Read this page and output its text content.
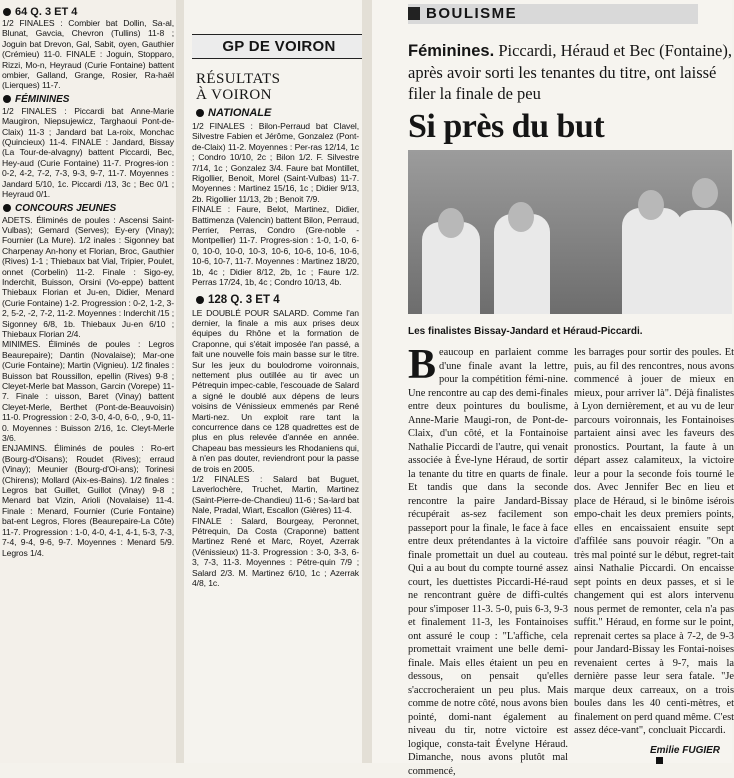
64 Q. 3 ET 4

1/2 FINALES : Combier bat Dollin, Sa-al, Blunat, Gavcia, Chevron (Tullins) 11-8 ; Joguin bat Drevon, Gal, Sabit, oyen, Gauthier (Crémieu) 11-0. FINALE : Joguin, Stopparo, Rizzi, Mo-n, Heyraud (Curie Fontaine) battent ombier, Galland, Grange, Rosier, Ra-haël (Lierques) 11-7.

FÉMININES

1/2 FINALES : Piccardi bat Anne-Marie Maugiron, Niepsujewicz, Targhaoui Pont-de-Claix) 11-3 ; Jandard bat La-roix, Monchac (Quincieux) 11-4. FINALE : Jandard, Bissay (La Tour-de-alvagny) battent Piccardi, Bec, Hey-aud (Curie Fontaine) 11-7. Progres-ion : 0-2, 4-2, 7-2, 7-3, 9-3, 9-7, 11-7. Moyennes : Jandard 5/10, 1c. Piccardi /13, 3c ; Bec 0/1 ; Heyraud 0/1.

CONCOURS JEUNES

ADETS. Éliminés de poules : Ascensi Saint-Vulbas); Gemard (Serves); Ey-ery (Vinay); Fournier (La Mure). 1/2 inales : Sigonney bat Charpenay An-hony et Florian, Broc, Gauthier (Rives) 1-1 ; Thiebaux bat Vial, Tripier, Poulet, onnet (Corbelin) 11-2. Finale : Sigo-ey, Inderchit, Buisson, Orsini (Vo-eppe) battent Thiebaux Florian et Ju-en, Didier, Menard (Curie Fontaine) 1-2. Progression : 0-2, 1-2, 3-2, 5-2, -2, 7-2, 11-2. Moyennes : Inderchit /15 ; Sigonney 6/8, 1b. Thiebaux Ju-en 6/10 ; Thiebaux Florian 2/4.

MINIMES. Éliminés de poules : Legros Beaurepaire); Dantin (Novalaise); Mar-one (Curie Fontaine); Martin (Vignieu). 1/2 finales : Buisson bat Roussillon, epellin (Rives) 9-8 ; Cleyet-Merle bat Masson, Garcin (Vorepe) 11-7. Finale : uisson, Baret (Vinay) battent Cleyet-Merle, Berthet (Pont-de-Beauvoisin) 11-0. Progression : 2-0, 3-0, 4-0, 6-0, , 9-0, 11-0. Moyennes : Buisson 2/16, 1c. Cleyt-Merle 3/6.

ENJAMINS. Éliminés de poules : Ro-ert (Bourg-d'Oisans); Roudet (Rives); erraud (Vinay); Meunier (Bourg-d'Oi-ans); Torinesi (Chirens); Mollard (Aix-es-Bains). 1/2 finales : Legros bat Guillet, Guillot (Vinay) 9-8 ; Menard bat Vizin, Arioli (Novalaise) 11-4. Finale : Menard, Fournier (Curie Fontaine) bat-ent Legros, Flores (Beaurepaire-La Côte) 11-7. Progression : 1-0, 4-0, 4-1, 4-1, 5-3, 7-3, 7-4, 9-4, 9-6, 9-7. Moyennes : Menard 5/9. Legros 1/4.

GP DE VOIRON
RÉSULTATS
À VOIRON

NATIONALE

1/2 FINALES : Bilon-Perraud bat Clavel, Silvestre Fabien et Jérôme, Gonzalez (Pont-de-Claix) 11-2. Moyennes : Per-ras 12/14, 1c ; Condro 10/10, 2c ; Bilon 1/2. F. Silvestre 7/14, 1c ; Gonzalez 3/4. Faure bat Montillet, Rigollier, Benoit, Morel (Saint-Vulbas) 11-7. Moyennes : Martinez 15/16, 1c ; Didier 9/13, 2b. Rigollier 11/13, 2b ; Benoit 7/9.

FINALE : Faure, Belot, Martinez, Didier, Battimenza (Valencin) battent Bilon, Perraud, Perrier, Perras, Condro (Gre-noble - Montpellier) 11-7. Progres-sion : 1-0, 1-0, 6-0, 10-0, 10-0, 10-3, 10-6, 10-6, 10-6, 10-6, 10-6, 10-7, 11-7. Moyennes : Martinez 18/20, 1b, 4c ; Didier 8/12, 2b, 1c ; Faure 1/2. Perras 17/24, 1b, 4c ; Condro 10/13, 4b.

128 Q. 3 ET 4

LE DOUBLÉ POUR SALARD. Comme l'an dernier, la finale a mis aux prises deux équipes du Rhône et la formation de Craponne, qui s'était imposée l'an passé, a fait une nouvelle fois main basse sur le titre. Sur les jeux du boulodrome voironnais, nettement plus outillée au tir avec un Pétrequin impec-cable, l'escouade de Salard a signé le doublé aux dépens de leurs voisins de Vénissieux emmenés par René Marti-nez. Un exploit rare tant la concurrence dans ce 128 quadrettes est de plus en plus relevée d'année en année. Chapeau bas messieurs les Rhodaniens qui, à n'en pas douter, reviendront pour la passe de trois en 2005.

1/2 FINALES : Salard bat Buguet, Laverlochère, Truchet, Martin, Martinez (Saint-Pierre-de-Chandieu) 11-6 ; Sa-lard bat Nale, Pradal, Wiart, Escallon (Gières) 11-4.

FINALE : Salard, Bourgeay, Peronnet, Pétrequin, Da Costa (Craponne) battent Martinez René et Marc, Royet, Azerrak (Vénissieux) 11-3. Progression : 3-0, 3-3, 6-3, 7-3, 11-3. Moyennes : Pétre-quin 7/9 ; Salard 2/3. M. Martinez 6/10, 1c ; Azerrak 4/8, 1c.

BOULISME
Féminines. Piccardi, Héraud et Bec (Fontaine), après avoir sorti les tenantes du titre, ont laissé filer la finale de peu
Si près du but
Les finalistes Bissay-Jandard et Héraud-Piccardi.
Beaucoup en parlaient comme d'une finale avant la lettre, pour la compétition fémi-nine. Une rencontre au cap des demi-finales entre deux pointures du boulisme, Anne-Marie Maugi-ron, de Pont-de-Claix, d'un côté, et la Fontainoise Nathalie Piccardi de l'autre, qui venait associée à Éve-lyne Héraud, de sortir la tenante du titre en quarts de finale. Et tandis que dans la seconde rencontre la paire Jandard-Bissay récupérait as-sez facilement son passeport pour la finale, le face à face entre deux prétendantes à la victoire finale promettait un duel au couteau. Qui a au bout du compte tourné assez court, les duettistes Piccardi-Hé-raud ne rencontrant guère de diffi-cultés pour s'imposer 11-3. 5-0, puis 6-3, 9-3 et finalement 11-3, les Fontainoises ont assuré le coup : "L'affiche, cela promettait vraiment une belle demi-finale. Mais elles étaient un peu en dessous, on pensait qu'elles s'accrocheraient un peu plus. Mais comme de notre côté, nous avons bien pointé, domi-nant également au niveau du tir, notre victoire est logique, consta-tait Évelyne Héraud. Dimanche, nous avons plutôt mal commencé,
les barrages pour sortir des poules. Et puis, au fil des rencontres, nous avons commencé à jouer de mieux en mieux, pour arriver là". Déjà finalistes à Lyon dernièrement, et au vu de leur parcours voironnais, les Fontainoises partaient ainsi avec les faveurs des pronostics. Pourtant, la faute à un départ assez calamiteux, la victoire leur a pour la seconde fois tourné le dos. Avec Jennifer Bec en lieu et place de Héraud, si le binôme isérois empo-chait les deux premiers points, elles en encaissaient ensuite sept d'affilée sans pouvoir réagir. "On a très mal pointé sur le début, regret-tait ainsi Nathalie Piccardi. On encaisse sept points en deux passes, et si le changement qui est alors intervenu nous permet de remonter, cela n'a pas suffit." Héraud, en forme sur le point, reprenait certes sa place à 7-2, de 9-3 pour Jandard-Bissay les Fontai-noises revenaient certes à 9-7, mais la dernière passe leur sera fatale. "Je marque deux carreaux, on a trois boules dans les 40 centi-mètres, et finalement on perd quand même. C'est assez déce-vant", concluait Piccardi.
Emilie FUGIER
